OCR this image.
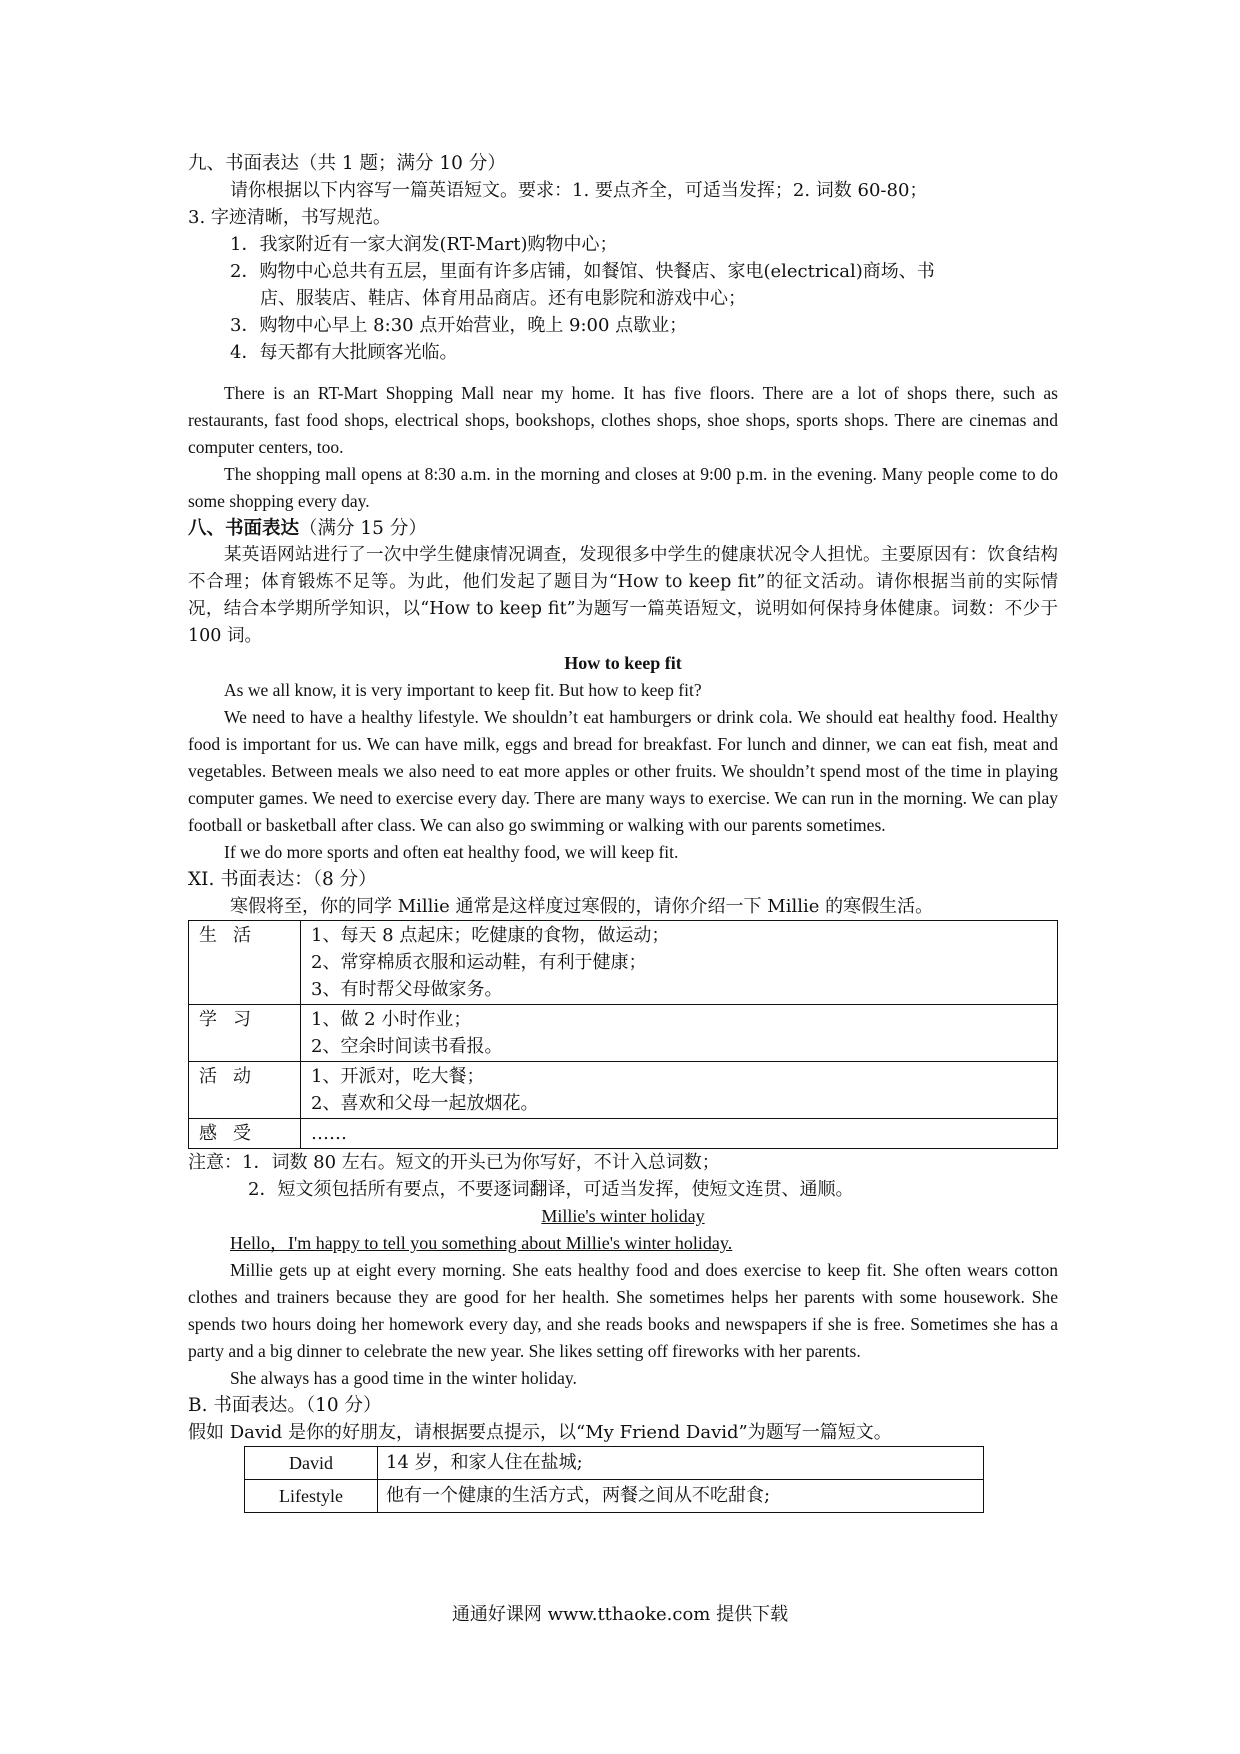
九、书面表达（共 1 题；满分 10 分）
请你根据以下内容写一篇英语短文。要求：1. 要点齐全，可适当发挥；2. 词数 60-80；
3. 字迹清晰，书写规范。
1．我家附近有一家大润发(RT-Mart)购物中心；
2．购物中心总共有五层，里面有许多店铺，如餐馆、快餐店、家电(electrical)商场、书
店、服装店、鞋店、体育用品商店。还有电影院和游戏中心；
3．购物中心早上 8:30 点开始营业，晚上 9:00 点歇业；
4．每天都有大批顾客光临。
There is an RT-Mart Shopping Mall near my home. It has five floors. There are a lot of shops there, such as restaurants, fast food shops, electrical shops, bookshops, clothes shops, shoe shops, sports shops. There are cinemas and computer centers, too.
The shopping mall opens at 8:30 a.m. in the morning and closes at 9:00 p.m. in the evening. Many people come to do some shopping every day.
八、书面表达（满分 15 分）
某英语网站进行了一次中学生健康情况调查，发现很多中学生的健康状况令人担忧。主要原因有：饮食结构不合理；体育锻炼不足等。为此，他们发起了题目为“How to keep fit”的征文活动。请你根据当前的实际情况，结合本学期所学知识，以“How to keep fit”为题写一篇英语短文，说明如何保持身体健康。词数：不少于 100 词。
How to keep fit
As we all know, it is very important to keep fit. But how to keep fit?
We need to have a healthy lifestyle. We shouldn’t eat hamburgers or drink cola. We should eat healthy food. Healthy food is important for us. We can have milk, eggs and bread for breakfast. For lunch and dinner, we can eat fish, meat and vegetables. Between meals we also need to eat more apples or other fruits. We shouldn’t spend most of the time in playing computer games. We need to exercise every day. There are many ways to exercise. We can run in the morning. We can play football or basketball after class. We can also go swimming or walking with our parents sometimes.
If we do more sports and often eat healthy food, we will keep fit.
XI. 书面表达：（8 分）
寒假将至，你的同学 Millie 通常是这样度过寒假的，请你介绍一下 Millie 的寒假生活。
生活	1、每天 8 点起床；吃健康的食物，做运动；
2、常穿棉质衣服和运动鞋，有利于健康；
3、有时帮父母做家务。

学习	1、做 2 小时作业；
2、空余时间读书看报。

活动	1、开派对，吃大餐；
2、喜欢和父母一起放烟花。

感受	……
注意：1．词数 80 左右。短文的开头已为你写好，不计入总词数；
2．短文须包括所有要点，不要逐词翻译，可适当发挥，使短文连贯、通顺。
Millie's winter holiday
Hello，I'm happy to tell you something about Millie's winter holiday.
Millie gets up at eight every morning. She eats healthy food and does exercise to keep fit. She often wears cotton clothes and trainers because they are good for her health. She sometimes helps her parents with some housework. She spends two hours doing her homework every day, and she reads books and newspapers if she is free. Sometimes she has a party and a big dinner to celebrate the new year. She likes setting off fireworks with her parents.
She always has a good time in the winter holiday.
B. 书面表达。（10 分）
假如 David 是你的好朋友，请根据要点提示，以“My Friend David”为题写一篇短文。
David	14 岁，和家人住在盐城;
Lifestyle	他有一个健康的生活方式，两餐之间从不吃甜食;
通通好课网 www.tthaoke.com 提供下载
